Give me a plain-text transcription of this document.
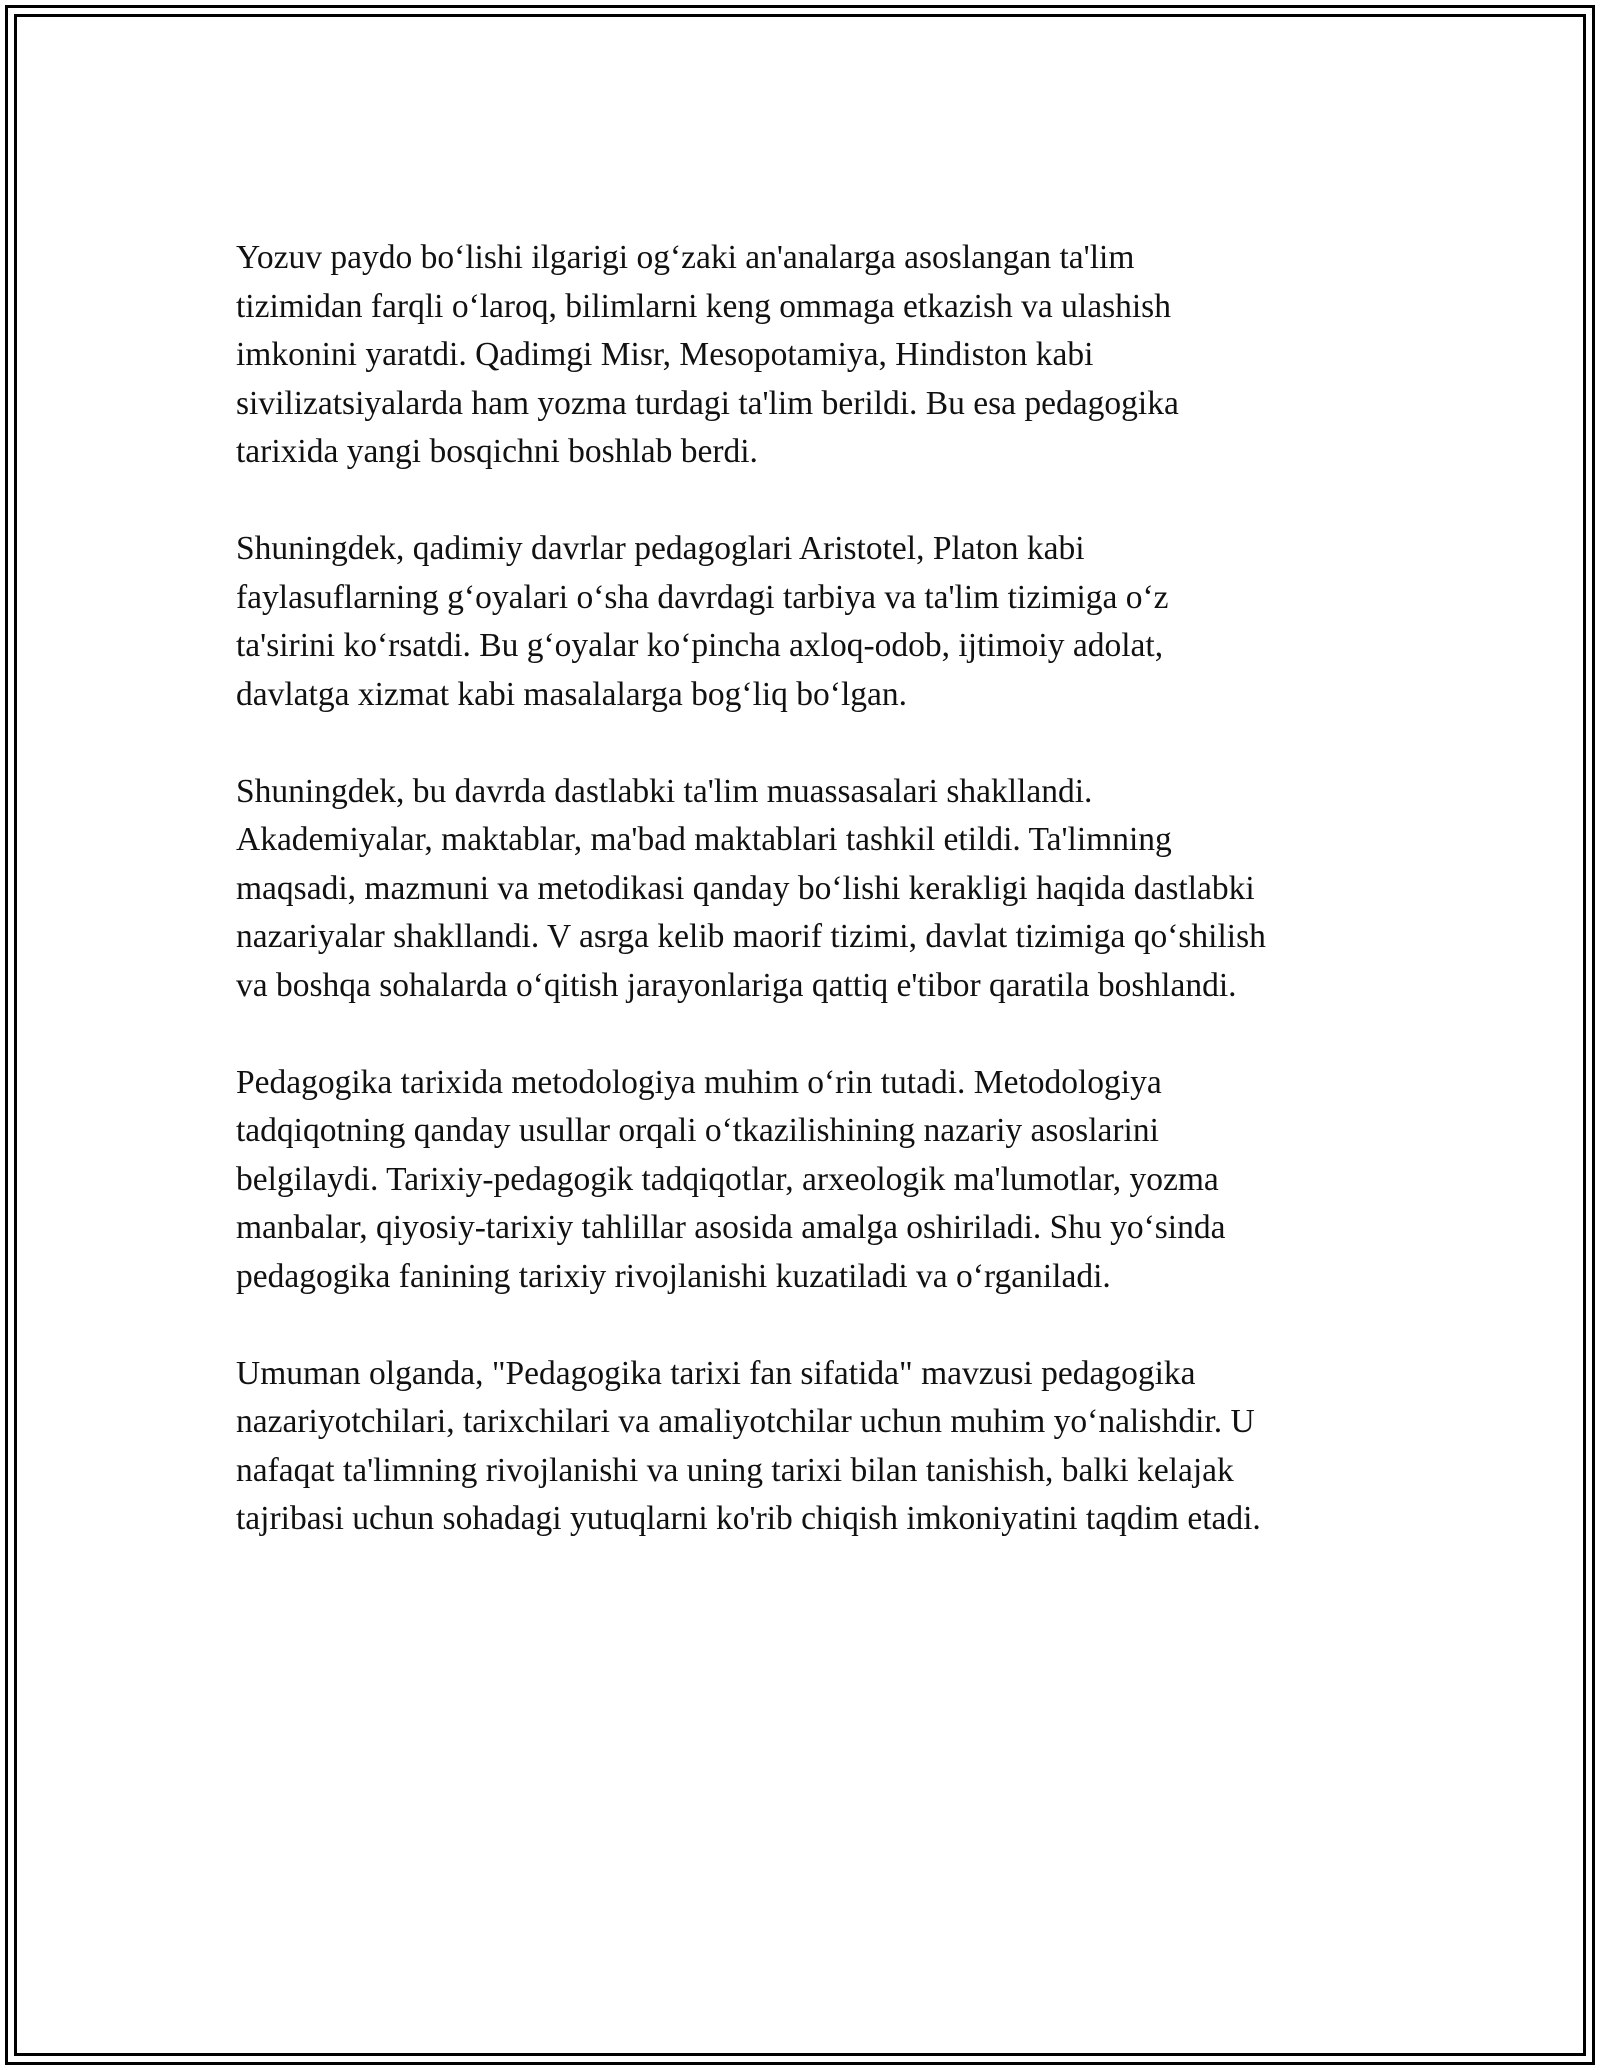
Yozuv paydo bo‘lishi ilgarigi og‘zaki an'analarga asoslangan ta'lim
tizimidan farqli o‘laroq, bilimlarni keng ommaga etkazish va ulashish
imkonini yaratdi. Qadimgi Misr, Mesopotamiya, Hindiston kabi
sivilizatsiyalarda ham yozma turdagi ta'lim berildi. Bu esa pedagogika
tarixida yangi bosqichni boshlab berdi.
Shuningdek, qadimiy davrlar pedagoglari Aristotel, Platon kabi
faylasuflarning g‘oyalari o‘sha davrdagi tarbiya va ta'lim tizimiga o‘z
ta'sirini ko‘rsatdi. Bu g‘oyalar ko‘pincha axloq-odob, ijtimoiy adolat,
davlatga xizmat kabi masalalarga bog‘liq bo‘lgan.
Shuningdek, bu davrda dastlabki ta'lim muassasalari shakllandi.
Akademiyalar, maktablar, ma'bad maktablari tashkil etildi. Ta'limning
maqsadi, mazmuni va metodikasi qanday bo‘lishi kerakligi haqida dastlabki
nazariyalar shakllandi. V asrga kelib maorif tizimi, davlat tizimiga qo‘shilish
va boshqa sohalarda o‘qitish jarayonlariga qattiq e'tibor qaratila boshlandi.
Pedagogika tarixida metodologiya muhim o‘rin tutadi. Metodologiya
tadqiqotning qanday usullar orqali o‘tkazilishining nazariy asoslarini
belgilaydi. Tarixiy-pedagogik tadqiqotlar, arxeologik ma'lumotlar, yozma
manbalar, qiyosiy-tarixiy tahlillar asosida amalga oshiriladi. Shu yo‘sinda
pedagogika fanining tarixiy rivojlanishi kuzatiladi va o‘rganiladi.
Umuman olganda, "Pedagogika tarixi fan sifatida" mavzusi pedagogika
nazariyotchilari, tarixchilari va amaliyotchilar uchun muhim yo‘nalishdir. U
nafaqat ta'limning rivojlanishi va uning tarixi bilan tanishish, balki kelajak
tajribasi uchun sohadagi yutuqlarni ko'rib chiqish imkoniyatini taqdim etadi.
